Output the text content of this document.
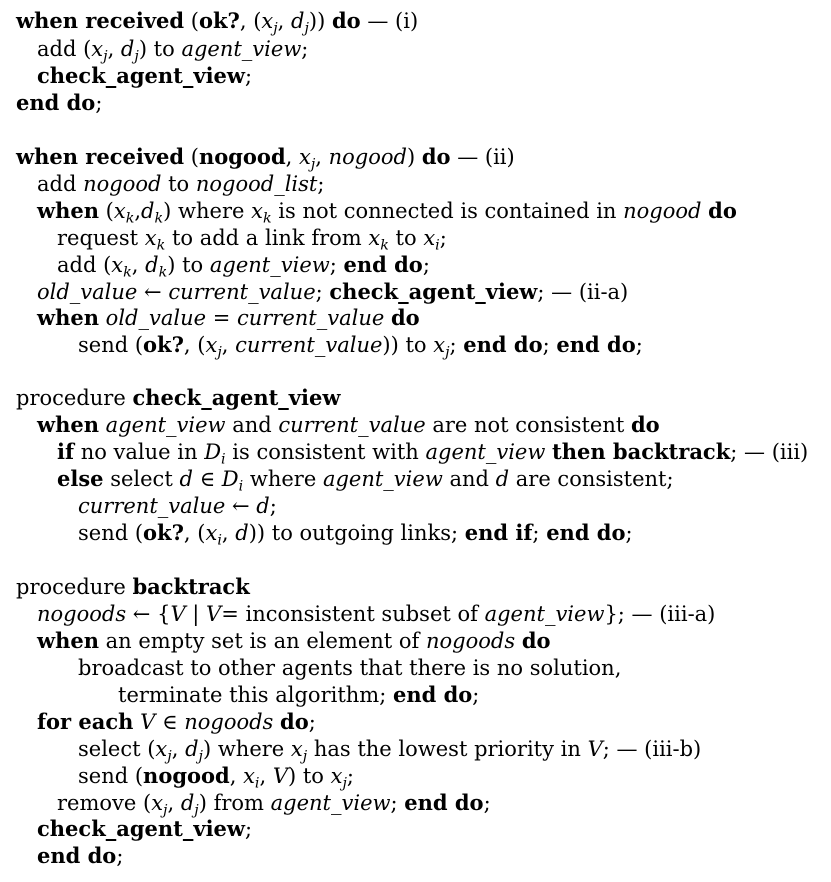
when received (ok?, ($x_j$, $d_j$)) do — (i)
add ($x_j$, $d_j$) to agent_view;
check_agent_view;
end do;
when received (nogood, $x_j$, nogood) do — (ii)
add nogood to nogood_list;
when $(x_k,d_k)$ where $x_k$ is not connected is contained in nogood do
request $x_k$ to add a link from $x_k$ to $x_i$;
add ($x_k$, $d_k$) to agent_view; end do;
old_value ← current_value; check_agent_view; — (ii-a)
when old_value = current_value do
send (ok?, ($x_j$, current_value)) to $x_j$; end do; end do;
procedure check_agent_view
when agent_view and current_value are not consistent do
if no value in $D_i$ is consistent with agent_view then backtrack; — (iii)
else select d ∈ $D_i$ where agent_view and d are consistent;
current_value ← d;
send (ok?, ($x_i$, d)) to outgoing links; end if; end do;
procedure backtrack
nogoods ← {V | V= inconsistent subset of agent_view}; — (iii-a)
when an empty set is an element of nogoods do
broadcast to other agents that there is no solution,
terminate this algorithm; end do;
for each V ∈ nogoods do;
select ($x_j$, $d_j$) where $x_j$ has the lowest priority in V; — (iii-b)
send (nogood, $x_i$, V) to $x_j$;
remove ($x_j$, $d_j$) from agent_view; end do;
check_agent_view;
end do;
